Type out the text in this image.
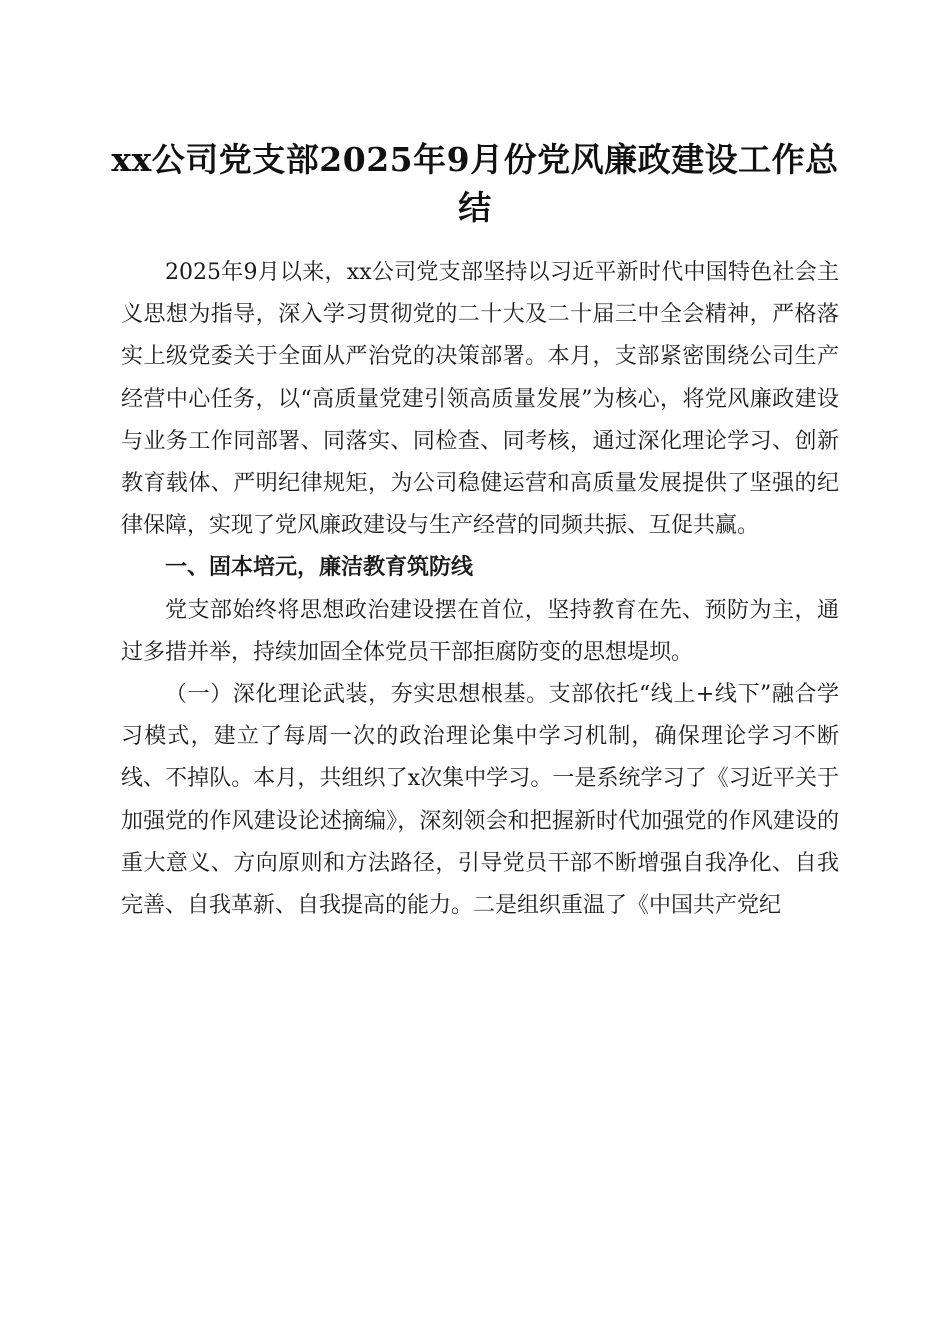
xx公司党支部2025年9月份党风廉政建设工作总结

2025年9月以来，xx公司党支部坚持以习近平新时代中国特色社会主义思想为指导，深入学习贯彻党的二十大及二十届三中全会精神，严格落实上级党委关于全面从严治党的决策部署。本月，支部紧密围绕公司生产经营中心任务，以“高质量党建引领高质量发展”为核心，将党风廉政建设与业务工作同部署、同落实、同检查、同考核，通过深化理论学习、创新教育载体、严明纪律规矩，为公司稳健运营和高质量发展提供了坚强的纪律保障，实现了党风廉政建设与生产经营的同频共振、互促共赢。

一、固本培元，廉洁教育筑防线

党支部始终将思想政治建设摆在首位，坚持教育在先、预防为主，通过多措并举，持续加固全体党员干部拒腐防变的思想堤坝。

（一）深化理论武装，夯实思想根基。支部依托“线上+线下”融合学习模式，建立了每周一次的政治理论集中学习机制，确保理论学习不断线、不掉队。本月，共组织了x次集中学习。一是系统学习了《习近平关于加强党的作风建设论述摘编》，深刻领会和把握新时代加强党的作风建设的重大意义、方向原则和方法路径，引导党员干部不断增强自我净化、自我完善、自我革新、自我提高的能力。二是组织重温了《中国共产党纪
